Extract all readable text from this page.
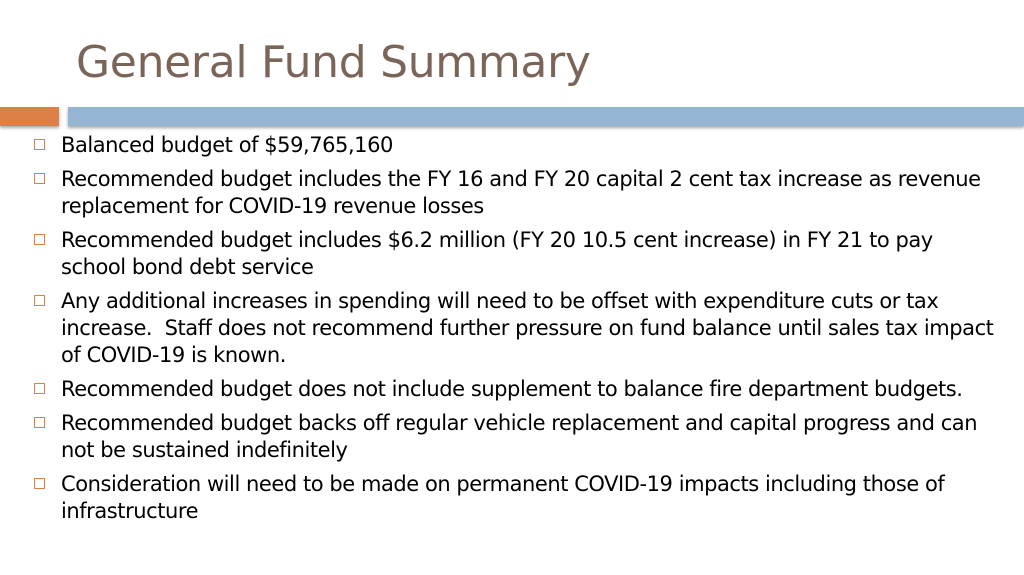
General Fund Summary
Balanced budget of $59,765,160
Recommended budget includes the FY 16 and FY 20 capital 2 cent tax increase as revenue replacement for COVID-19 revenue losses
Recommended budget includes $6.2 million (FY 20 10.5 cent increase) in FY 21 to pay school bond debt service
Any additional increases in spending will need to be offset with expenditure cuts or tax increase.  Staff does not recommend further pressure on fund balance until sales tax impact of COVID-19 is known.
Recommended budget does not include supplement to balance fire department budgets.
Recommended budget backs off regular vehicle replacement and capital progress and can not be sustained indefinitely
Consideration will need to be made on permanent COVID-19 impacts including those of infrastructure
